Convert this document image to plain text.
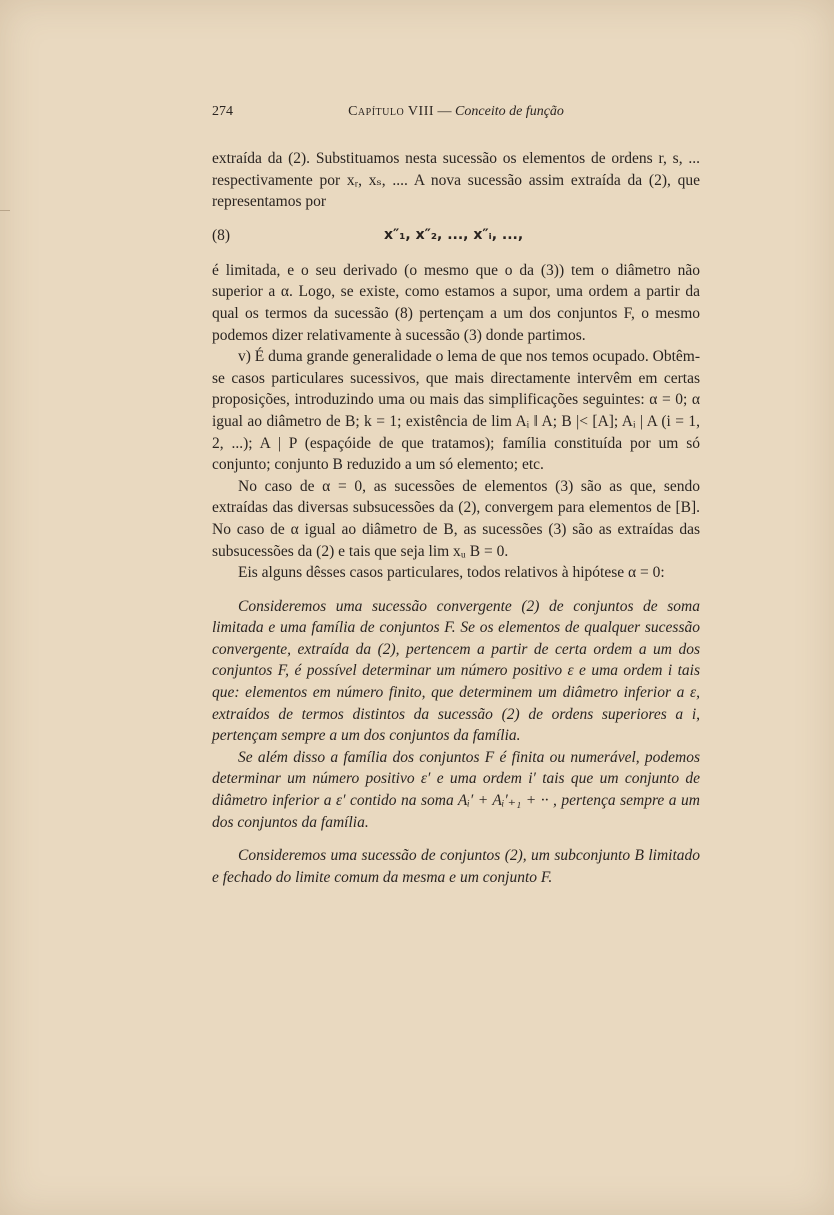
274	Capítulo VIII — Conceito de função

extraída da (2). Substituamos nesta sucessão os elementos de ordens r, s, ... respectivamente por xᵣ, xₛ, .... A nova sucessão assim extraída da (2), que representamos por

(8)	x″₁, x″₂, ..., x″ᵢ, ...,

é limitada, e o seu derivado (o mesmo que o da (3)) tem o diâmetro não superior a α. Logo, se existe, como estamos a supor, uma ordem a partir da qual os termos da sucessão (8) pertençam a um dos conjuntos F, o mesmo podemos dizer relativamente à sucessão (3) donde partimos.

v) É duma grande generalidade o lema de que nos temos ocupado. Obtêm-se casos particulares sucessivos, que mais directamente intervêm em certas proposições, introduzindo uma ou mais das simplificações seguintes: α = 0; α igual ao diâmetro de B; k = 1; existência de lim Aᵢ ‖ A; B |< [A]; Aᵢ | A (i = 1, 2, ...); A | P (espaçóide de que tratamos); família constituída por um só conjunto; conjunto B reduzido a um só elemento; etc.

No caso de α = 0, as sucessões de elementos (3) são as que, sendo extraídas das diversas subsucessões da (2), convergem para elementos de [B]. No caso de α igual ao diâmetro de B, as sucessões (3) são as extraídas das subsucessões da (2) e tais que seja lim xᵤ B = 0.

Eis alguns dêsses casos particulares, todos relativos à hipótese α = 0:

Consideremos uma sucessão convergente (2) de conjuntos de soma limitada e uma família de conjuntos F. Se os elementos de qualquer sucessão convergente, extraída da (2), pertencem a partir de certa ordem a um dos conjuntos F, é possível determinar um número positivo ε e uma ordem i tais que: elementos em número finito, que determinem um diâmetro inferior a ε, extraídos de termos distintos da sucessão (2) de ordens superiores a i, pertençam sempre a um dos conjuntos da família.

Se além disso a família dos conjuntos F é finita ou numerável, podemos determinar um número positivo ε′ e uma ordem i′ tais que um conjunto de diâmetro inferior a ε′ contido na soma Aᵢ′ + Aᵢ′₊₁ + ·· , pertença sempre a um dos conjuntos da família.

Consideremos uma sucessão de conjuntos (2), um subconjunto B limitado e fechado do limite comum da mesma e um conjunto F.
